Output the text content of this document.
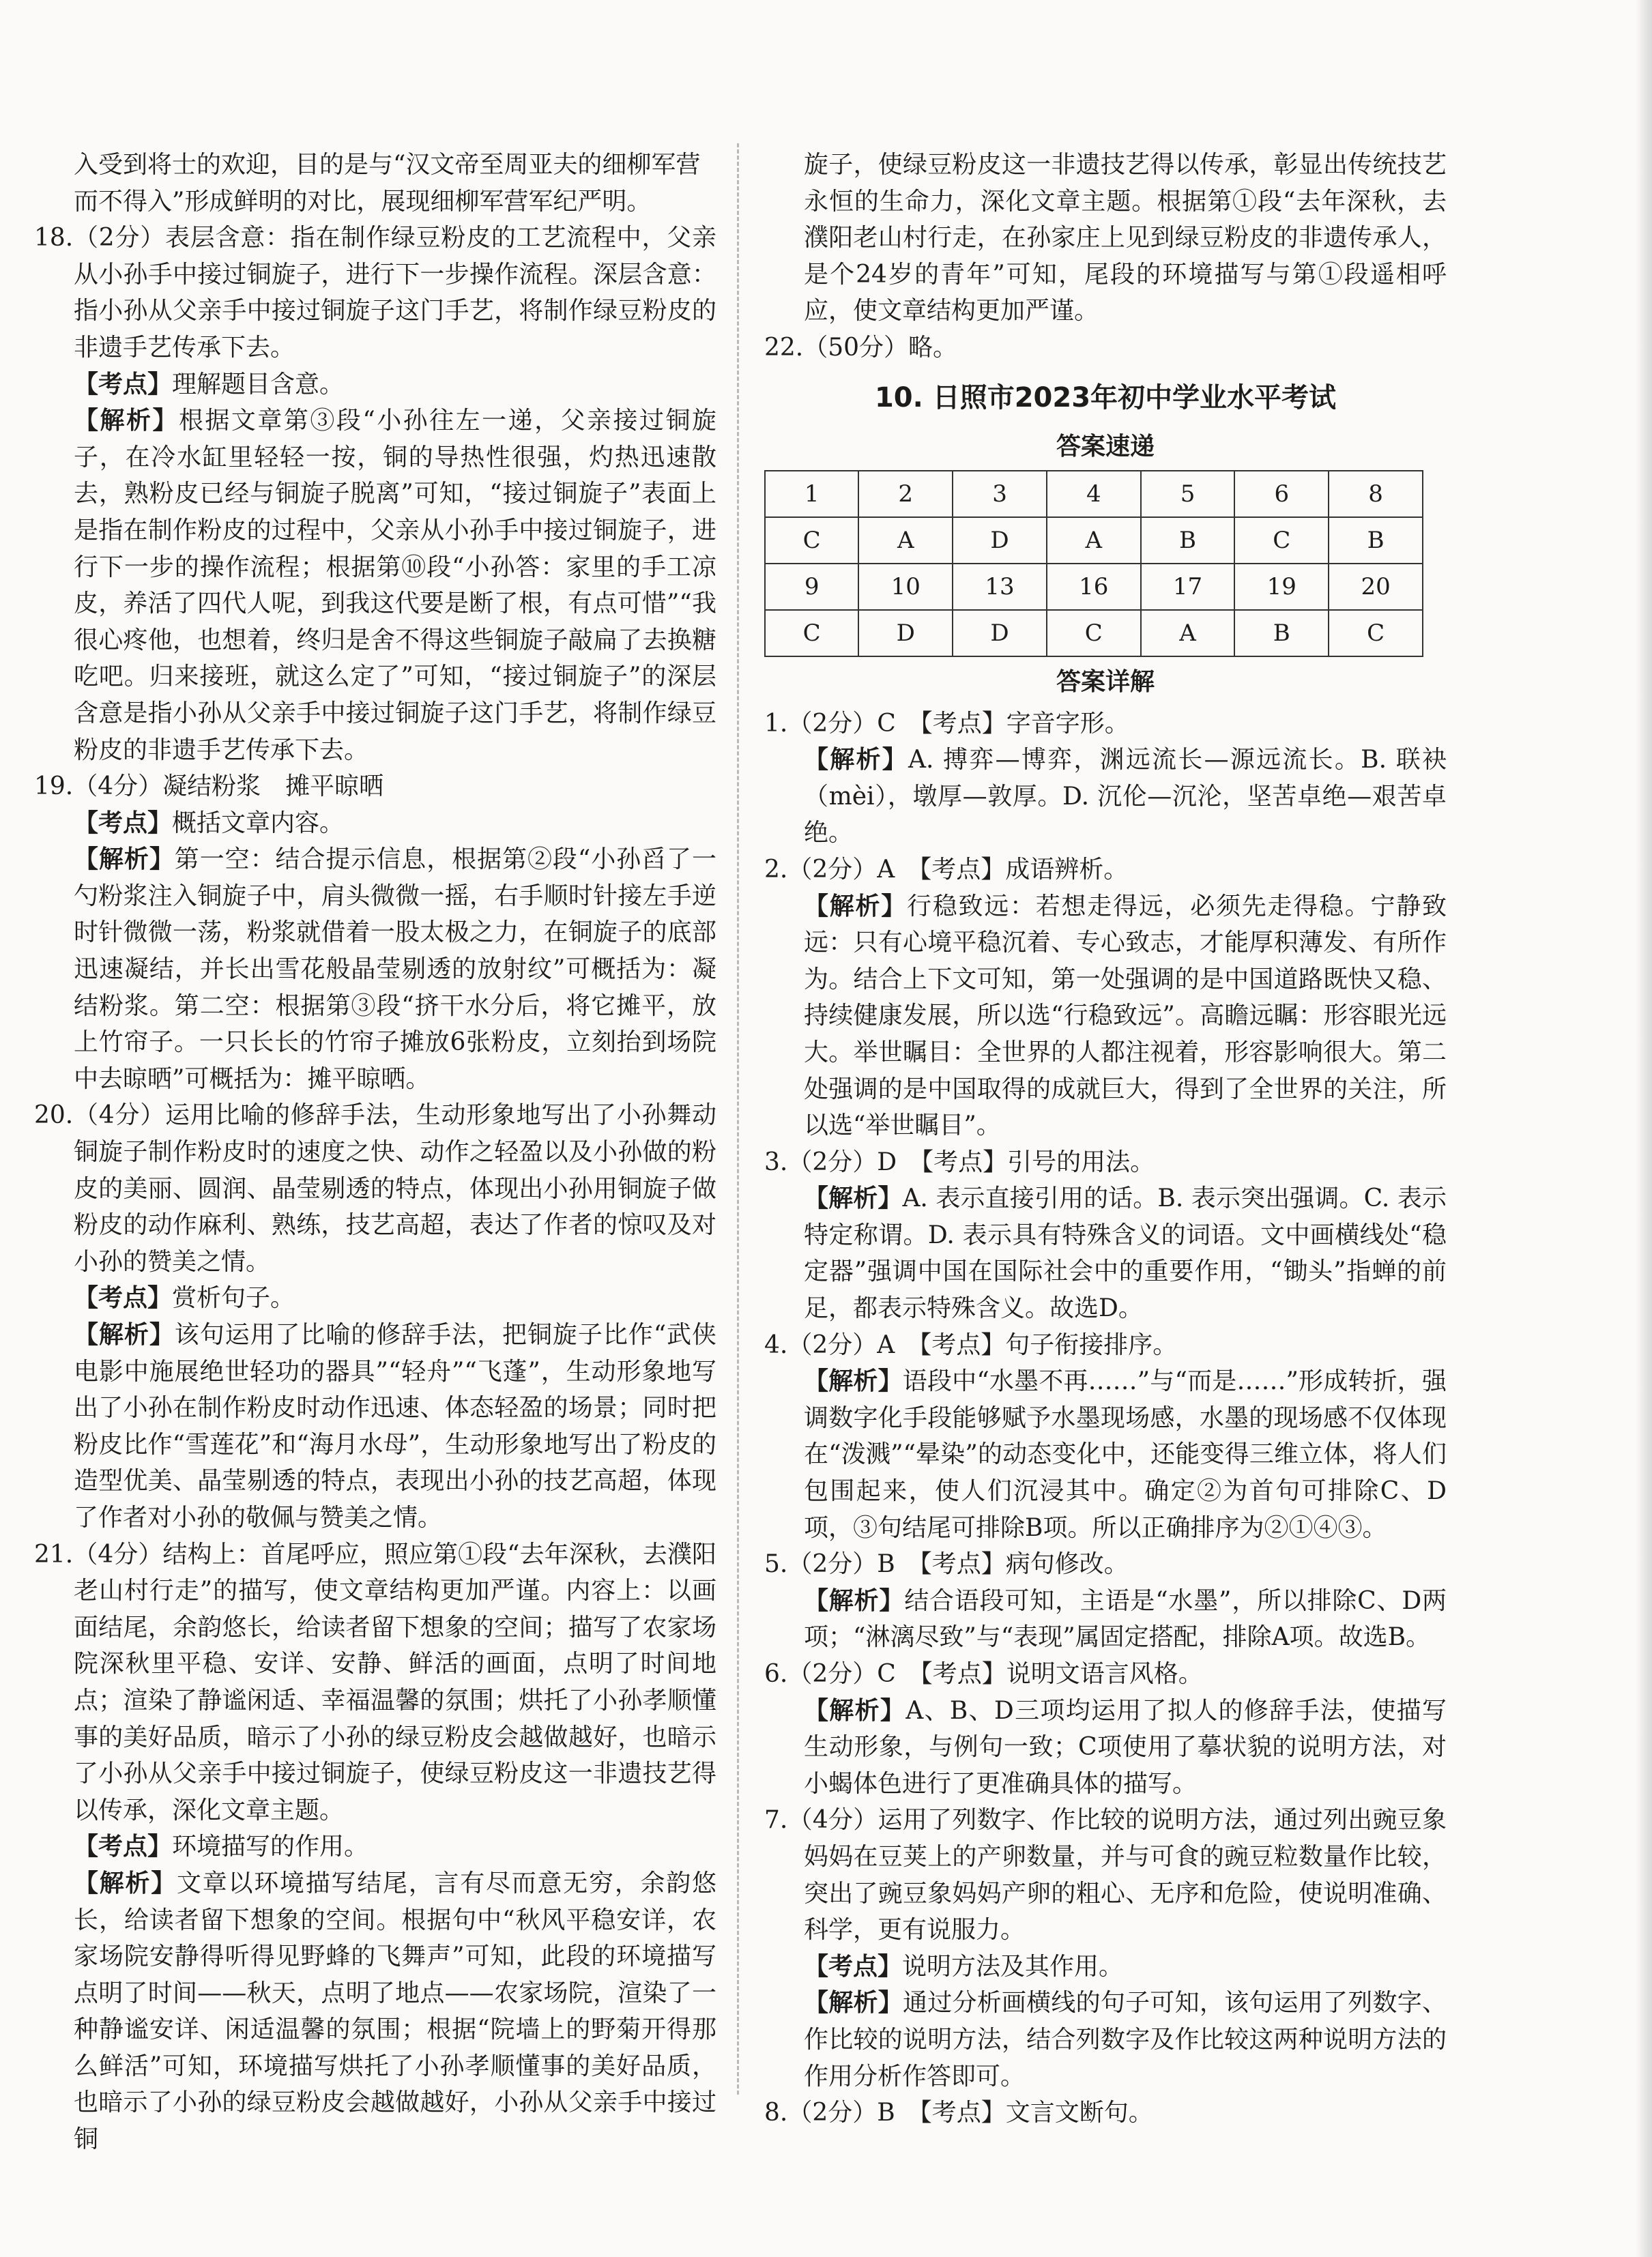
入受到将士的欢迎，目的是与“汉文帝至周亚夫的细柳军营

而不得入”形成鲜明的对比，展现细柳军营军纪严明。

18.（2分）表层含意：指在制作绿豆粉皮的工艺流程中，父亲从小孙手中接过铜旋子，进行下一步操作流程。深层含意：指小孙从父亲手中接过铜旋子这门手艺，将制作绿豆粉皮的非遗手艺传承下去。

【考点】理解题目含意。

【解析】根据文章第③段“小孙往左一递，父亲接过铜旋子，在冷水缸里轻轻一按，铜的导热性很强，灼热迅速散去，熟粉皮已经与铜旋子脱离”可知，“接过铜旋子”表面上是指在制作粉皮的过程中，父亲从小孙手中接过铜旋子，进行下一步的操作流程；根据第⑩段“小孙答：家里的手工凉皮，养活了四代人呢，到我这代要是断了根，有点可惜”“我很心疼他，也想着，终归是舍不得这些铜旋子敲扁了去换糖吃吧。归来接班，就这么定了”可知，“接过铜旋子”的深层含意是指小孙从父亲手中接过铜旋子这门手艺，将制作绿豆粉皮的非遗手艺传承下去。

19.（4分）凝结粉浆　摊平晾晒

【考点】概括文章内容。

【解析】第一空：结合提示信息，根据第②段“小孙舀了一勺粉浆注入铜旋子中，肩头微微一摇，右手顺时针接左手逆时针微微一荡，粉浆就借着一股太极之力，在铜旋子的底部迅速凝结，并长出雪花般晶莹剔透的放射纹”可概括为：凝结粉浆。第二空：根据第③段“挤干水分后，将它摊平，放上竹帘子。一只长长的竹帘子摊放6张粉皮，立刻抬到场院中去晾晒”可概括为：摊平晾晒。

20.（4分）运用比喻的修辞手法，生动形象地写出了小孙舞动铜旋子制作粉皮时的速度之快、动作之轻盈以及小孙做的粉皮的美丽、圆润、晶莹剔透的特点，体现出小孙用铜旋子做粉皮的动作麻利、熟练，技艺高超，表达了作者的惊叹及对小孙的赞美之情。

【考点】赏析句子。

【解析】该句运用了比喻的修辞手法，把铜旋子比作“武侠电影中施展绝世轻功的器具”“轻舟”“飞蓬”，生动形象地写出了小孙在制作粉皮时动作迅速、体态轻盈的场景；同时把粉皮比作“雪莲花”和“海月水母”，生动形象地写出了粉皮的造型优美、晶莹剔透的特点，表现出小孙的技艺高超，体现了作者对小孙的敬佩与赞美之情。

21.（4分）结构上：首尾呼应，照应第①段“去年深秋，去濮阳老山村行走”的描写，使文章结构更加严谨。内容上：以画面结尾，余韵悠长，给读者留下想象的空间；描写了农家场院深秋里平稳、安详、安静、鲜活的画面，点明了时间地点；渲染了静谧闲适、幸福温馨的氛围；烘托了小孙孝顺懂事的美好品质，暗示了小孙的绿豆粉皮会越做越好，也暗示了小孙从父亲手中接过铜旋子，使绿豆粉皮这一非遗技艺得以传承，深化文章主题。

【考点】环境描写的作用。

【解析】文章以环境描写结尾，言有尽而意无穷，余韵悠长，给读者留下想象的空间。根据句中“秋风平稳安详，农家场院安静得听得见野蜂的飞舞声”可知，此段的环境描写点明了时间——秋天，点明了地点——农家场院，渲染了一种静谧安详、闲适温馨的氛围；根据“院墙上的野菊开得那么鲜活”可知，环境描写烘托了小孙孝顺懂事的美好品质，也暗示了小孙的绿豆粉皮会越做越好，小孙从父亲手中接过铜

旋子，使绿豆粉皮这一非遗技艺得以传承，彰显出传统技艺永恒的生命力，深化文章主题。根据第①段“去年深秋，去濮阳老山村行走，在孙家庄上见到绿豆粉皮的非遗传承人，是个24岁的青年”可知，尾段的环境描写与第①段遥相呼应，使文章结构更加严谨。

22.（50分）略。

10. 日照市2023年初中学业水平考试
答案速递
1	2	3	4	5	6	8
C	A	D	A	B	C	B
9	10	13	16	17	19	20
C	D	D	C	A	B	C
答案详解

1.（2分）C　【考点】字音字形。

【解析】A. 搏弈—博弈，渊远流长—源远流长。B. 联袂（mèi），墩厚—敦厚。D. 沉伦—沉沦，坚苦卓绝—艰苦卓绝。

2.（2分）A　【考点】成语辨析。

【解析】行稳致远：若想走得远，必须先走得稳。宁静致远：只有心境平稳沉着、专心致志，才能厚积薄发、有所作为。结合上下文可知，第一处强调的是中国道路既快又稳、持续健康发展，所以选“行稳致远”。高瞻远瞩：形容眼光远大。举世瞩目：全世界的人都注视着，形容影响很大。第二处强调的是中国取得的成就巨大，得到了全世界的关注，所以选“举世瞩目”。

3.（2分）D　【考点】引号的用法。

【解析】A. 表示直接引用的话。B. 表示突出强调。C. 表示特定称谓。D. 表示具有特殊含义的词语。文中画横线处“稳定器”强调中国在国际社会中的重要作用，“锄头”指蝉的前足，都表示特殊含义。故选D。

4.（2分）A　【考点】句子衔接排序。

【解析】语段中“水墨不再……”与“而是……”形成转折，强调数字化手段能够赋予水墨现场感，水墨的现场感不仅体现在“泼溅”“晕染”的动态变化中，还能变得三维立体，将人们包围起来，使人们沉浸其中。确定②为首句可排除C、D项，③句结尾可排除B项。所以正确排序为②①④③。

5.（2分）B　【考点】病句修改。

【解析】结合语段可知，主语是“水墨”，所以排除C、D两项；“淋漓尽致”与“表现”属固定搭配，排除A项。故选B。

6.（2分）C　【考点】说明文语言风格。

【解析】A、B、D三项均运用了拟人的修辞手法，使描写生动形象，与例句一致；C项使用了摹状貌的说明方法，对小蝎体色进行了更准确具体的描写。

7.（4分）运用了列数字、作比较的说明方法，通过列出豌豆象妈妈在豆荚上的产卵数量，并与可食的豌豆粒数量作比较，突出了豌豆象妈妈产卵的粗心、无序和危险，使说明准确、科学，更有说服力。

【考点】说明方法及其作用。

【解析】通过分析画横线的句子可知，该句运用了列数字、作比较的说明方法，结合列数字及作比较这两种说明方法的作用分析作答即可。

8.（2分）B　【考点】文言文断句。
